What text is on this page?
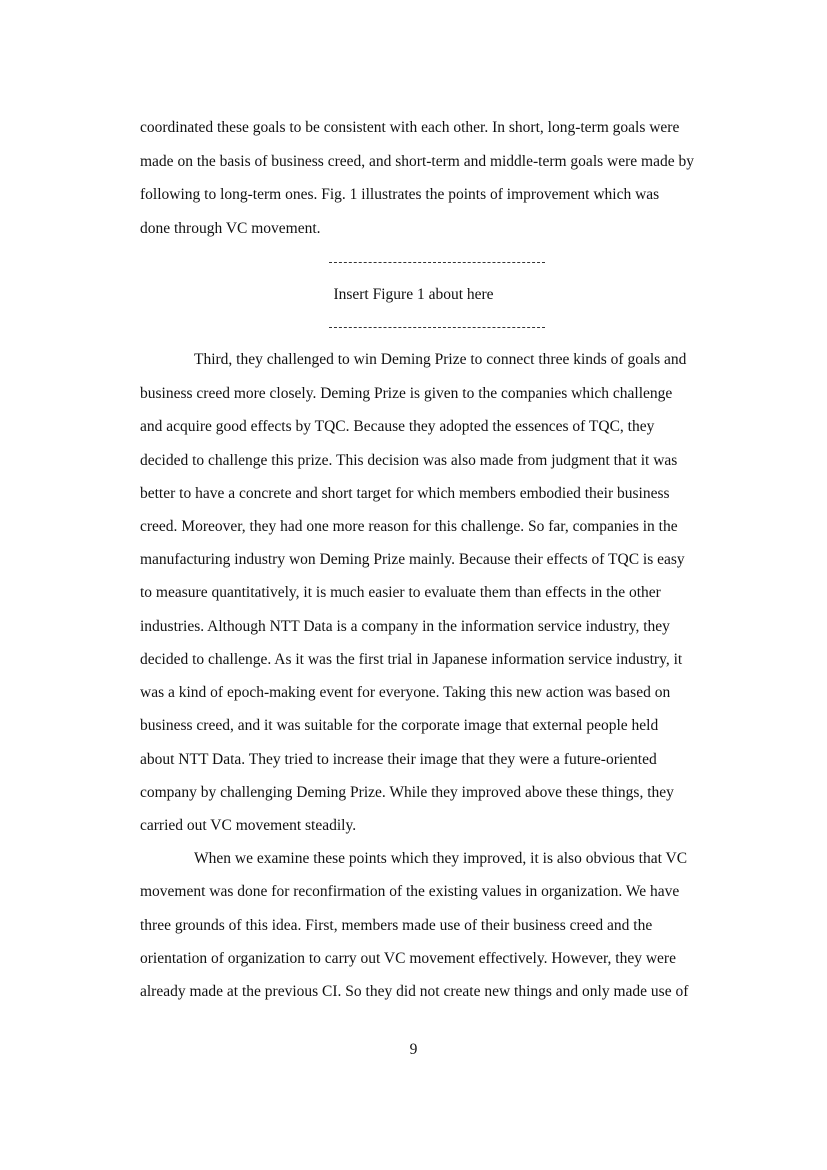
coordinated these goals to be consistent with each other. In short, long-term goals were
made on the basis of business creed, and short-term and middle-term goals were made by
following to long-term ones. Fig. 1 illustrates the points of improvement which was
done through VC movement.
Insert Figure 1 about here
Third, they challenged to win Deming Prize to connect three kinds of goals and
business creed more closely. Deming Prize is given to the companies which challenge
and acquire good effects by TQC. Because they adopted the essences of TQC, they
decided to challenge this prize. This decision was also made from judgment that it was
better to have a concrete and short target for which members embodied their business
creed. Moreover, they had one more reason for this challenge. So far, companies in the
manufacturing industry won Deming Prize mainly. Because their effects of TQC is easy
to measure quantitatively, it is much easier to evaluate them than effects in the other
industries. Although NTT Data is a company in the information service industry, they
decided to challenge. As it was the first trial in Japanese information service industry, it
was a kind of epoch-making event for everyone. Taking this new action was based on
business creed, and it was suitable for the corporate image that external people held
about NTT Data. They tried to increase their image that they were a future-oriented
company by challenging Deming Prize. While they improved above these things, they
carried out VC movement steadily.
When we examine these points which they improved, it is also obvious that VC
movement was done for reconfirmation of the existing values in organization. We have
three grounds of this idea. First, members made use of their business creed and the
orientation of organization to carry out VC movement effectively. However, they were
already made at the previous CI. So they did not create new things and only made use of
9
